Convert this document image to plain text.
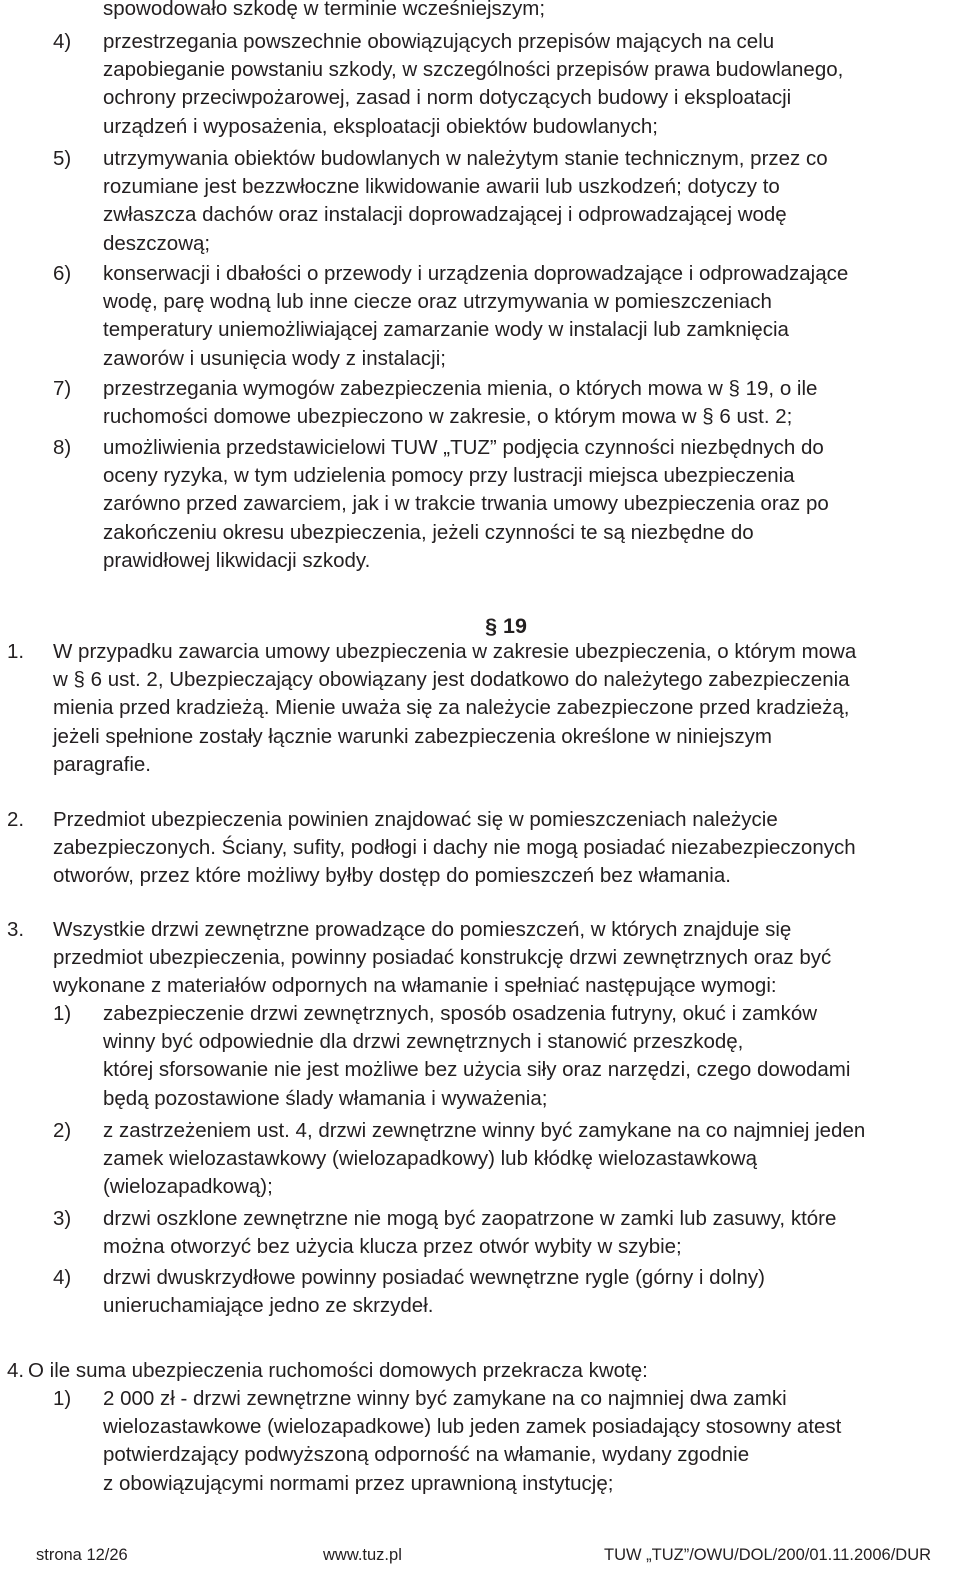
spowodowało szkodę w terminie wcześniejszym;
4) przestrzegania powszechnie obowiązujących przepisów mających na celu
zapobieganie powstaniu szkody, w szczególności przepisów prawa budowlanego,
ochrony przeciwpożarowej, zasad i norm dotyczących budowy i eksploatacji
urządzeń i wyposażenia, eksploatacji obiektów budowlanych;
5) utrzymywania obiektów budowlanych w należytym stanie technicznym, przez co
rozumiane jest bezzwłoczne likwidowanie awarii lub uszkodzeń; dotyczy to
zwłaszcza dachów oraz instalacji doprowadzającej i odprowadzającej wodę
deszczową;
6) konserwacji i dbałości o przewody i urządzenia doprowadzające i odprowadzające
wodę, parę wodną lub inne ciecze oraz utrzymywania w pomieszczeniach
temperatury uniemożliwiającej zamarzanie wody w instalacji lub zamknięcia
zaworów i usunięcia wody z instalacji;
7) przestrzegania wymogów zabezpieczenia mienia, o których mowa w § 19, o ile
ruchomości domowe ubezpieczono w zakresie, o którym mowa w § 6 ust. 2;
8) umożliwienia przedstawicielowi TUW „TUZ” podjęcia czynności niezbędnych do
oceny ryzyka, w tym udzielenia pomocy przy lustracji miejsca ubezpieczenia
zarówno przed zawarciem, jak i w trakcie trwania umowy ubezpieczenia oraz po
zakończeniu okresu ubezpieczenia, jeżeli czynności te są niezbędne do
prawidłowej likwidacji szkody.
§ 19
1. W przypadku zawarcia umowy ubezpieczenia w zakresie ubezpieczenia, o którym mowa
w § 6 ust. 2, Ubezpieczający obowiązany jest dodatkowo do należytego zabezpieczenia
mienia przed kradzieżą. Mienie uważa się za należycie zabezpieczone przed kradzieżą,
jeżeli spełnione zostały łącznie warunki zabezpieczenia określone w niniejszym
paragrafie.
2. Przedmiot ubezpieczenia powinien znajdować się w pomieszczeniach należycie
zabezpieczonych. Ściany, sufity, podłogi i dachy nie mogą posiadać niezabezpieczonych
otworów, przez które możliwy byłby dostęp do pomieszczeń bez włamania.
3. Wszystkie drzwi zewnętrzne prowadzące do pomieszczeń, w których znajduje się
przedmiot ubezpieczenia, powinny posiadać konstrukcję drzwi zewnętrznych oraz być
wykonane z materiałów odpornych na włamanie i spełniać następujące wymogi:
1) zabezpieczenie drzwi zewnętrznych, sposób osadzenia futryny, okuć i zamków
winny być odpowiednie dla drzwi zewnętrznych i stanowić przeszkodę,
której sforsowanie nie jest możliwe bez użycia siły oraz narzędzi, czego dowodami
będą pozostawione ślady włamania i wyważenia;
2) z zastrzeżeniem ust. 4, drzwi zewnętrzne winny być zamykane na co najmniej jeden
zamek wielozastawkowy (wielozapadkowy) lub kłódkę wielozastawkową
(wielozapadkową);
3) drzwi oszklone zewnętrzne nie mogą być zaopatrzone w zamki lub zasuwy, które
można otworzyć bez użycia klucza przez otwór wybity w szybie;
4) drzwi dwuskrzydłowe powinny posiadać wewnętrzne rygle (górny i dolny)
unieruchamiające jedno ze skrzydeł.
4. O ile suma ubezpieczenia ruchomości domowych przekracza kwotę:
1) 2 000 zł - drzwi zewnętrzne winny być zamykane na co najmniej dwa zamki
wielozastawkowe (wielozapadkowe) lub jeden zamek posiadający stosowny atest
potwierdzający podwyższoną odporność na włamanie, wydany zgodnie
z obowiązującymi normami przez uprawnioną instytucję;
strona 12/26	www.tuz.pl	TUW „TUZ”/OWU/DOL/200/01.11.2006/DUR
